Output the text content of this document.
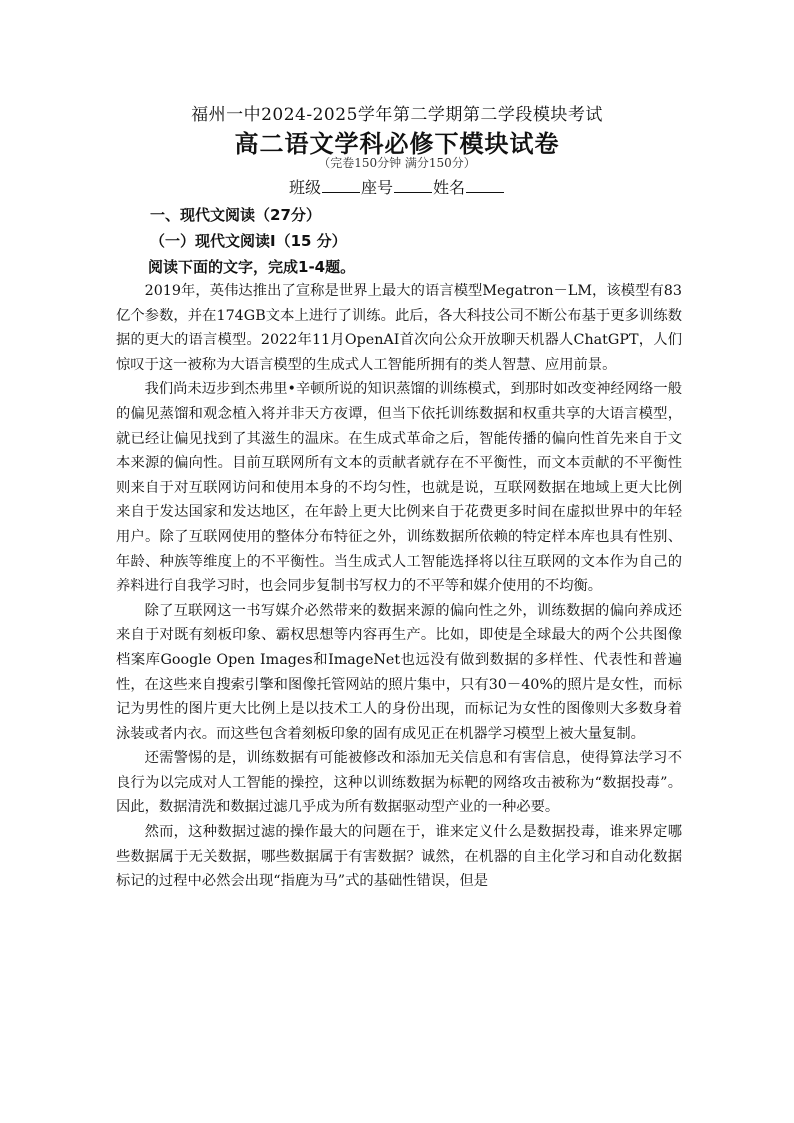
福州一中2024-2025学年第二学期第二学段模块考试
高二语文学科必修下模块试卷
（完卷150分钟 满分150分）
班级	座号	姓名
一、现代文阅读（27分）
（一）现代文阅读Ⅰ（15 分）
阅读下面的文字，完成1-4题。

2019年，英伟达推出了宣称是世界上最大的语言模型Megatron－LM，该模型有83亿个参数，并在174GB文本上进行了训练。此后，各大科技公司不断公布基于更多训练数据的更大的语言模型。2022年11月OpenAI首次向公众开放聊天机器人ChatGPT，人们惊叹于这一被称为大语言模型的生成式人工智能所拥有的类人智慧、应用前景。

我们尚未迈步到杰弗里•辛顿所说的知识蒸馏的训练模式，到那时如改变神经网络一般的偏见蒸馏和观念植入将并非天方夜谭，但当下依托训练数据和权重共享的大语言模型，就已经让偏见找到了其滋生的温床。在生成式革命之后，智能传播的偏向性首先来自于文本来源的偏向性。目前互联网所有文本的贡献者就存在不平衡性，而文本贡献的不平衡性则来自于对互联网访问和使用本身的不均匀性，也就是说，互联网数据在地域上更大比例来自于发达国家和发达地区，在年龄上更大比例来自于花费更多时间在虚拟世界中的年轻用户。除了互联网使用的整体分布特征之外，训练数据所依赖的特定样本库也具有性别、年龄、种族等维度上的不平衡性。当生成式人工智能选择将以往互联网的文本作为自己的养料进行自我学习时，也会同步复制书写权力的不平等和媒介使用的不均衡。

除了互联网这一书写媒介必然带来的数据来源的偏向性之外，训练数据的偏向养成还来自于对既有刻板印象、霸权思想等内容再生产。比如，即使是全球最大的两个公共图像档案库Google Open Images和ImageNet也远没有做到数据的多样性、代表性和普遍性，在这些来自搜索引擎和图像托管网站的照片集中，只有30－40%的照片是女性，而标记为男性的图片更大比例上是以技术工人的身份出现，而标记为女性的图像则大多数身着泳装或者内衣。而这些包含着刻板印象的固有成见正在机器学习模型上被大量复制。

还需警惕的是，训练数据有可能被修改和添加无关信息和有害信息，使得算法学习不良行为以完成对人工智能的操控，这种以训练数据为标靶的网络攻击被称为“数据投毒”。因此，数据清洗和数据过滤几乎成为所有数据驱动型产业的一种必要。

然而，这种数据过滤的操作最大的问题在于，谁来定义什么是数据投毒，谁来界定哪些数据属于无关数据，哪些数据属于有害数据？诚然，在机器的自主化学习和自动化数据标记的过程中必然会出现“指鹿为马”式的基础性错误，但是
